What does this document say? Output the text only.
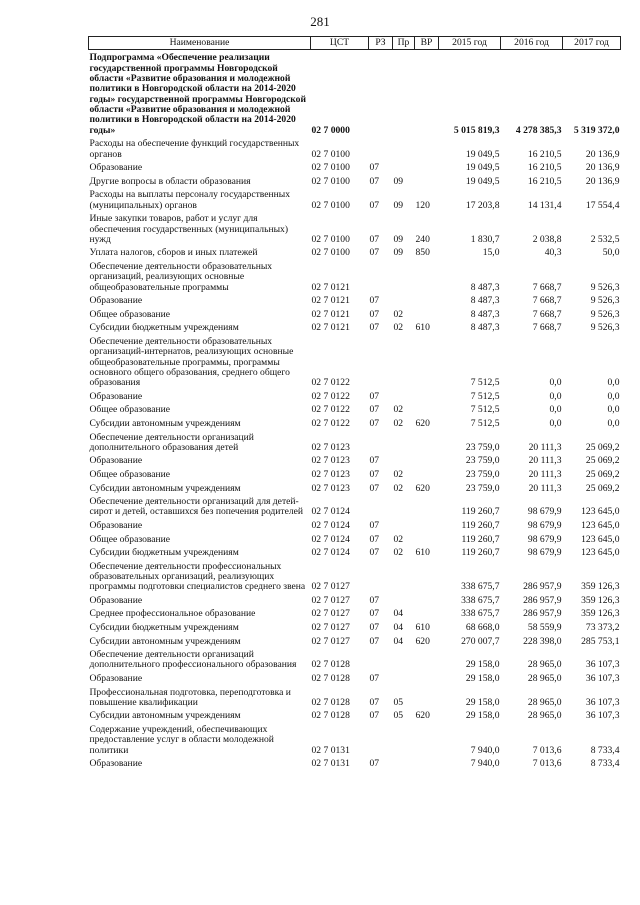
281
Наименование	ЦСТ	РЗ	Пр	ВР	2015 год	2016 год	2017 год

Подпрограмма «Обеспечение реализации государственной программы Новгородской области «Развитие образования и молодежной политики в Новгородской области на 2014-2020 годы» государственной программы Новгородской области «Развитие образования и молодежной политики в Новгородской области на 2014-2020 годы»	02 7 0000				5 015 819,3	4 278 385,3	5 319 372,0

Расходы на обеспечение функций государственных органов	02 7 0100				19 049,5	16 210,5	20 136,9

Образование	02 7 0100	07			19 049,5	16 210,5	20 136,9

Другие вопросы в области образования	02 7 0100	07	09		19 049,5	16 210,5	20 136,9

Расходы на выплаты персоналу государственных (муниципальных) органов	02 7 0100	07	09	120	17 203,8	14 131,4	17 554,4

Иные закупки товаров, работ и услуг для обеспечения государственных (муниципальных) нужд	02 7 0100	07	09	240	1 830,7	2 038,8	2 532,5

Уплата налогов, сборов и иных платежей	02 7 0100	07	09	850	15,0	40,3	50,0

Обеспечение деятельности образовательных организаций, реализующих основные общеобразовательные программы	02 7 0121				8 487,3	7 668,7	9 526,3

Образование	02 7 0121	07			8 487,3	7 668,7	9 526,3

Общее образование	02 7 0121	07	02		8 487,3	7 668,7	9 526,3

Субсидии бюджетным учреждениям	02 7 0121	07	02	610	8 487,3	7 668,7	9 526,3

Обеспечение деятельности образовательных организаций-интернатов, реализующих основные общеобразовательные программы, программы основного общего образования, среднего общего образования	02 7 0122				7 512,5	0,0	0,0

Образование	02 7 0122	07			7 512,5	0,0	0,0

Общее образование	02 7 0122	07	02		7 512,5	0,0	0,0

Субсидии автономным учреждениям	02 7 0122	07	02	620	7 512,5	0,0	0,0

Обеспечение деятельности организаций дополнительного образования детей	02 7 0123				23 759,0	20 111,3	25 069,2

Образование	02 7 0123	07			23 759,0	20 111,3	25 069,2

Общее образование	02 7 0123	07	02		23 759,0	20 111,3	25 069,2

Субсидии автономным учреждениям	02 7 0123	07	02	620	23 759,0	20 111,3	25 069,2

Обеспечение деятельности организаций для детей-сирот и детей, оставшихся без попечения родителей	02 7 0124				119 260,7	98 679,9	123 645,0

Образование	02 7 0124	07			119 260,7	98 679,9	123 645,0

Общее образование	02 7 0124	07	02		119 260,7	98 679,9	123 645,0

Субсидии бюджетным учреждениям	02 7 0124	07	02	610	119 260,7	98 679,9	123 645,0

Обеспечение деятельности профессиональных образовательных организаций, реализующих программы подготовки специалистов среднего звена	02 7 0127				338 675,7	286 957,9	359 126,3

Образование	02 7 0127	07			338 675,7	286 957,9	359 126,3

Среднее профессиональное образование	02 7 0127	07	04		338 675,7	286 957,9	359 126,3

Субсидии бюджетным учреждениям	02 7 0127	07	04	610	68 668,0	58 559,9	73 373,2

Субсидии автономным учреждениям	02 7 0127	07	04	620	270 007,7	228 398,0	285 753,1

Обеспечение деятельности организаций дополнительного профессионального образования	02 7 0128				29 158,0	28 965,0	36 107,3

Образование	02 7 0128	07			29 158,0	28 965,0	36 107,3

Профессиональная подготовка, переподготовка и повышение квалификации	02 7 0128	07	05		29 158,0	28 965,0	36 107,3

Субсидии автономным учреждениям	02 7 0128	07	05	620	29 158,0	28 965,0	36 107,3

Содержание учреждений, обеспечивающих предоставление услуг в области молодежной политики	02 7 0131				7 940,0	7 013,6	8 733,4

Образование	02 7 0131	07			7 940,0	7 013,6	8 733,4
